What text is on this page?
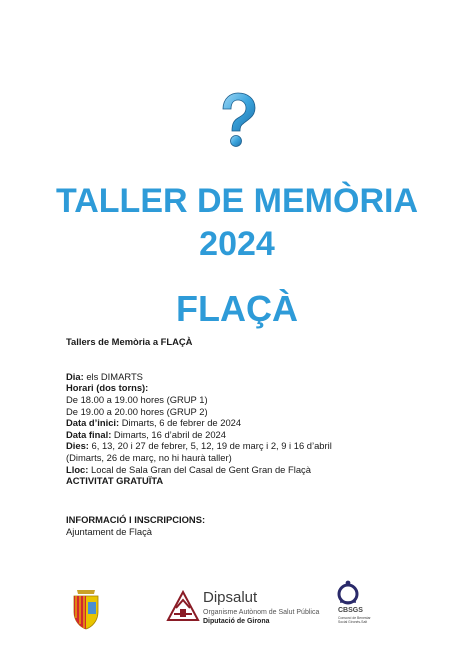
TALLER DE MEMÒRIA
2024
FLAÇÀ

Tallers de Memòria a FLAÇÀ

Dia: els DIMARTS

Horari (dos torns):

De 18.00 a 19.00 hores (GRUP 1)

De 19.00 a 20.00 hores (GRUP 2)

Data d’inici: Dimarts, 6 de febrer de 2024

Data final: Dimarts, 16 d’abril de 2024

Dies: 6, 13, 20 i 27 de febrer, 5, 12, 19 de març i 2, 9 i 16 d’abril

(Dimarts, 26 de març, no hi haurà taller)

Lloc: Local de Sala Gran del Casal de Gent Gran de Flaçà

ACTIVITAT GRATUÏTA

INFORMACIÓ I INSCRIPCIONS:

Ajuntament de Flaçà

Dipsalut
Organisme Autònom de Salut Pública
Diputació de Girona
CBSGS
Consorci de Benestar Social Gironès-Salt
